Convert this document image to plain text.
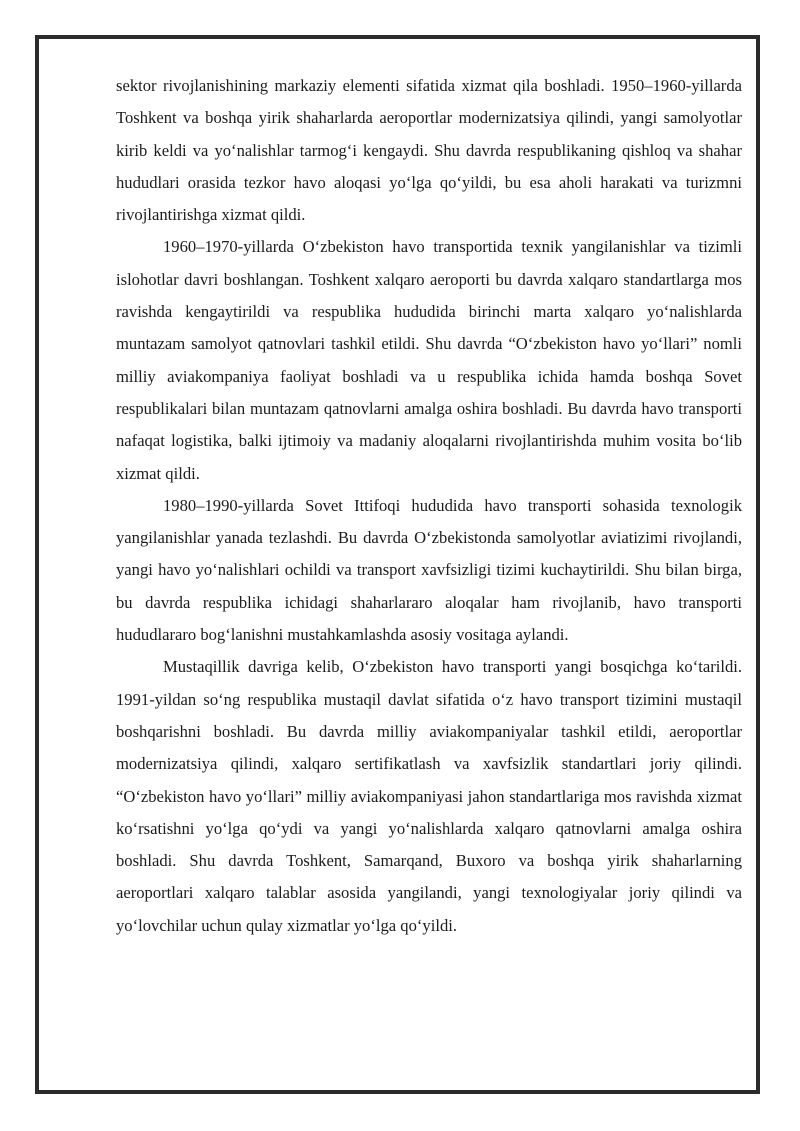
sektor rivojlanishining markaziy elementi sifatida xizmat qila boshladi. 1950–1960-yillarda Toshkent va boshqa yirik shaharlarda aeroportlar modernizatsiya qilindi, yangi samolyotlar kirib keldi va yo‘nalishlar tarmog‘i kengaydi. Shu davrda respublikaning qishloq va shahar hududlari orasida tezkor havo aloqasi yo‘lga qo‘yildi, bu esa aholi harakati va turizmni rivojlantirishga xizmat qildi.

1960–1970-yillarda O‘zbekiston havo transportida texnik yangilanishlar va tizimli islohotlar davri boshlangan. Toshkent xalqaro aeroporti bu davrda xalqaro standartlarga mos ravishda kengaytirildi va respublika hududida birinchi marta xalqaro yo‘nalishlarda muntazam samolyot qatnovlari tashkil etildi. Shu davrda “O‘zbekiston havo yo‘llari” nomli milliy aviakompaniya faoliyat boshladi va u respublika ichida hamda boshqa Sovet respublikalari bilan muntazam qatnovlarni amalga oshira boshladi. Bu davrda havo transporti nafaqat logistika, balki ijtimoiy va madaniy aloqalarni rivojlantirishda muhim vosita bo‘lib xizmat qildi.

1980–1990-yillarda Sovet Ittifoqi hududida havo transporti sohasida texnologik yangilanishlar yanada tezlashdi. Bu davrda O‘zbekistonda samolyotlar aviatizimi rivojlandi, yangi havo yo‘nalishlari ochildi va transport xavfsizligi tizimi kuchaytirildi. Shu bilan birga, bu davrda respublika ichidagi shaharlararo aloqalar ham rivojlanib, havo transporti hududlararo bog‘lanishni mustahkamlashda asosiy vositaga aylandi.

Mustaqillik davriga kelib, O‘zbekiston havo transporti yangi bosqichga ko‘tarildi. 1991-yildan so‘ng respublika mustaqil davlat sifatida o‘z havo transport tizimini mustaqil boshqarishni boshladi. Bu davrda milliy aviakompaniyalar tashkil etildi, aeroportlar modernizatsiya qilindi, xalqaro sertifikatlash va xavfsizlik standartlari joriy qilindi. “O‘zbekiston havo yo‘llari” milliy aviakompaniyasi jahon standartlariga mos ravishda xizmat ko‘rsatishni yo‘lga qo‘ydi va yangi yo‘nalishlarda xalqaro qatnovlarni amalga oshira boshladi. Shu davrda Toshkent, Samarqand, Buxoro va boshqa yirik shaharlarning aeroportlari xalqaro talablar asosida yangilandi, yangi texnologiyalar joriy qilindi va yo‘lovchilar uchun qulay xizmatlar yo‘lga qo‘yildi.
